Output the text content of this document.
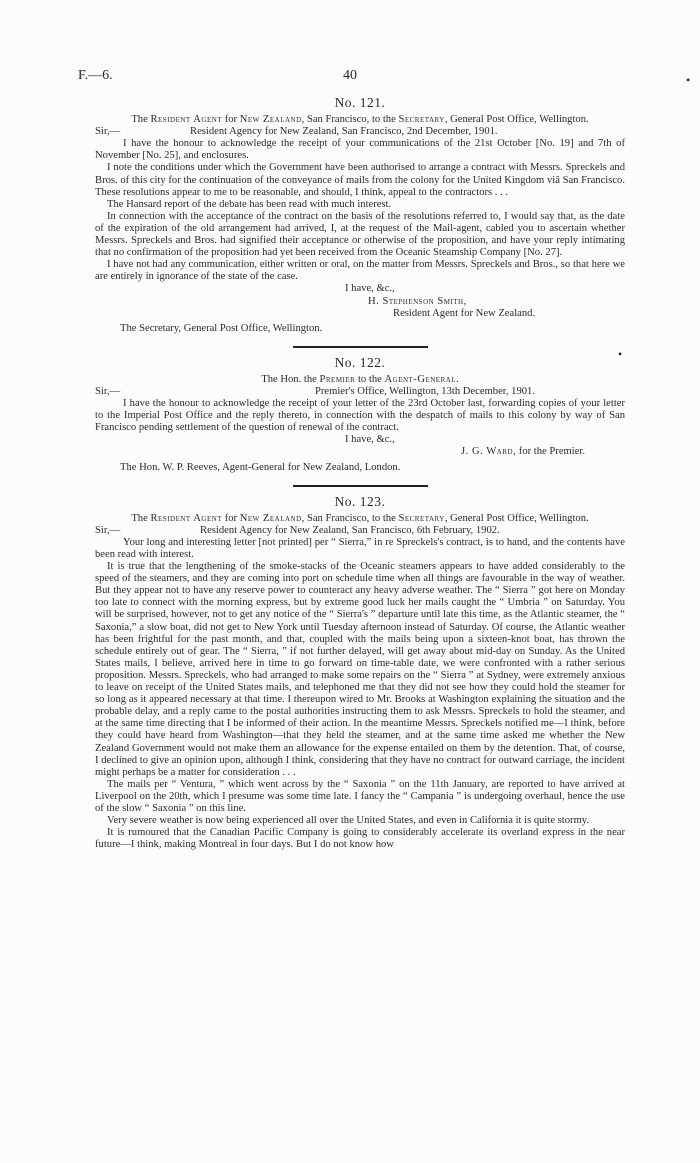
40
F.—6.	•
•
No. 121.

The Resident Agent for New Zealand, San Francisco, to the Secretary, General Post Office, Wellington.

Sir,—	Resident Agency for New Zealand, San Francisco, 2nd December, 1901.

I have the honour to acknowledge the receipt of your communications of the 21st October [No. 19] and 7th of November [No. 25], and enclosures.

I note the conditions under which the Government have been authorised to arrange a contract with Messrs. Spreckels and Bros. of this city for the continuation of the conveyance of mails from the colony for the United Kingdom viâ San Francisco. These resolutions appear to me to be reasonable, and should, I think, appeal to the contractors . . .

The Hansard report of the debate has been read with much interest.

In connection with the acceptance of the contract on the basis of the resolutions referred to, I would say that, as the date of the expiration of the old arrangement had arrived, I, at the request of the Mail-agent, cabled you to ascertain whether Messrs. Spreckels and Bros. had signified their acceptance or otherwise of the proposition, and have your reply intimating that no confirmation of the proposition had yet been received from the Oceanic Steamship Company [No. 27].

I have not had any communication, either written or oral, on the matter from Messrs. Spreckels and Bros., so that here we are entirely in ignorance of the state of the case.

I have, &c.,

H. Stephenson Smith,

Resident Agent for New Zealand.

The Secretary, General Post Office, Wellington.

No. 122.

The Hon. the Premier to the Agent-General.

Sir,—	Premier's Office, Wellington, 13th December, 1901.

I have the honour to acknowledge the receipt of your letter of the 23rd October last, forwarding copies of your letter to the Imperial Post Office and the reply thereto, in connection with the despatch of mails to this colony by way of San Francisco pending settlement of the question of renewal of the contract.

I have, &c.,

J. G. Ward, for the Premier.

The Hon. W. P. Reeves, Agent-General for New Zealand, London.

No. 123.

The Resident Agent for New Zealand, San Francisco, to the Secretary, General Post Office, Wellington.

Sir,—	Resident Agency for New Zealand, San Francisco, 6th February, 1902.

Your long and interesting letter [not printed] per “ Sierra,” in re Spreckels's contract, is to hand, and the contents have been read with interest.

It is true that the lengthening of the smoke-stacks of the Oceanic steamers appears to have added considerably to the speed of the steamers, and they are coming into port on schedule time when all things are favourable in the way of weather. But they appear not to have any reserve power to counteract any heavy adverse weather. The “ Sierra ” got here on Monday too late to connect with the morning express, but by extreme good luck her mails caught the “ Umbria ” on Saturday. You will be surprised, however, not to get any notice of the “ Sierra's ” departure until late this time, as the Atlantic steamer, the “ Saxonia,” a slow boat, did not get to New York until Tuesday afternoon instead of Saturday. Of course, the Atlantic weather has been frightful for the past month, and that, coupled with the mails being upon a sixteen-knot boat, has thrown the schedule entirely out of gear. The “ Sierra, ” if not further delayed, will get away about mid-day on Sunday. As the United States mails, I believe, arrived here in time to go forward on time-table date, we were confronted with a rather serious proposition. Messrs. Spreckels, who had arranged to make some repairs on the “ Sierra ” at Sydney, were extremely anxious to leave on receipt of the United States mails, and telephoned me that they did not see how they could hold the steamer for so long as it appeared necessary at that time. I thereupon wired to Mr. Brooks at Washington explaining the situation and the probable delay, and a reply came to the postal authorities instructing them to ask Messrs. Spreckels to hold the steamer, and at the same time directing that I be informed of their action. In the meantime Messrs. Spreckels notified me—I think, before they could have heard from Washington—that they held the steamer, and at the same time asked me whether the New Zealand Government would not make them an allowance for the expense entailed on them by the detention. That, of course, I declined to give an opinion upon, although I think, considering that they have no contract for outward carriage, the incident might perhaps be a matter for consideration . . .

The mails per “ Ventura, ” which went across by the “ Saxonia ” on the 11th January, are reported to have arrived at Liverpool on the 20th, which I presume was some time late. I fancy the “ Campania ” is undergoing overhaul, hence the use of the slow “ Saxonia ” on this line.

Very severe weather is now being experienced all over the United States, and even in California it is quite stormy.

It is rumoured that the Canadian Pacific Company is going to considerably accelerate its overland express in the near future—I think, making Montreal in four days. But I do not know how
